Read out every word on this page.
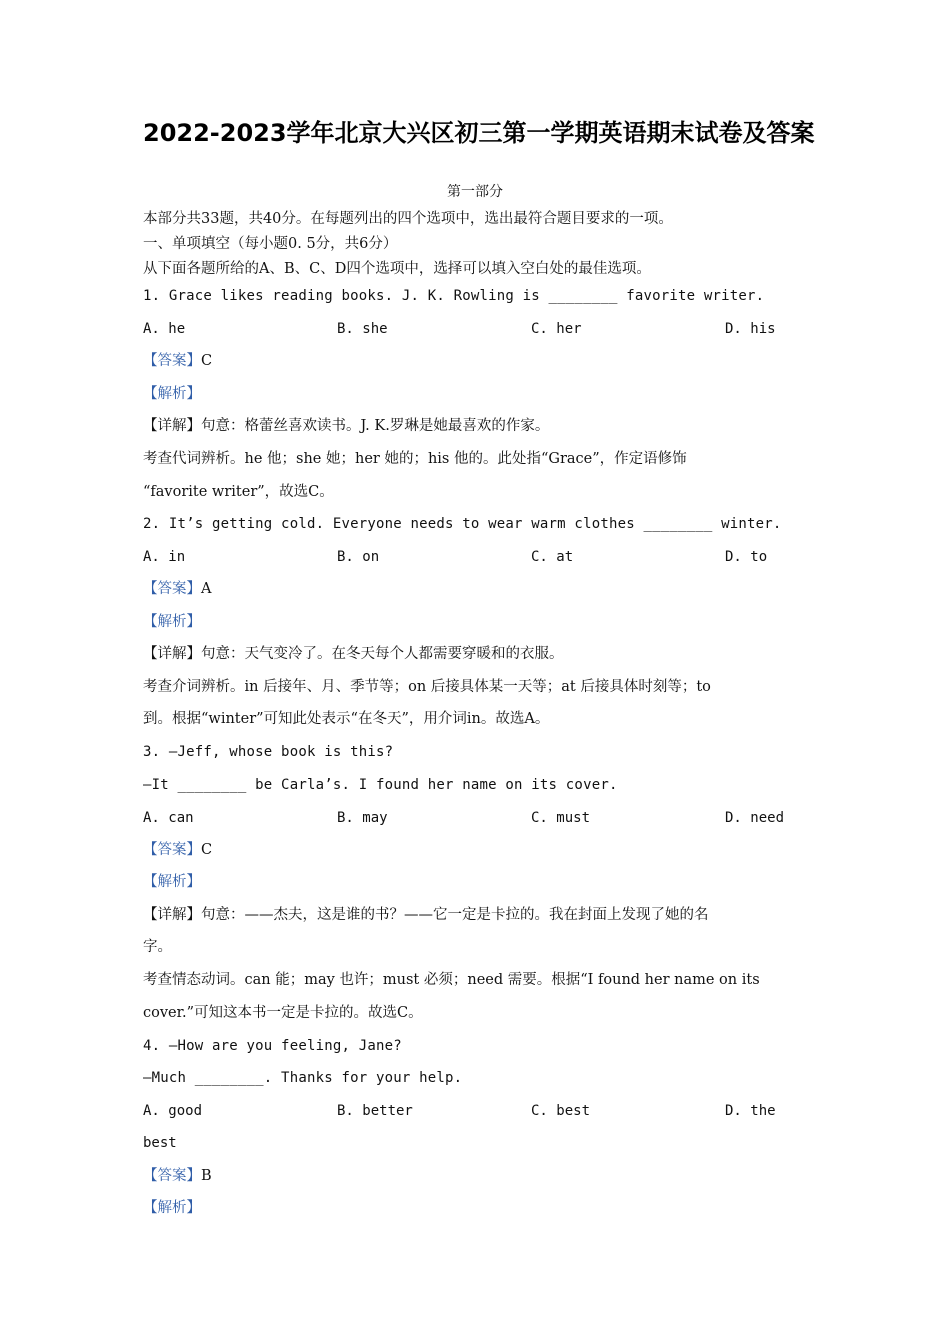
2022-2023学年北京大兴区初三第一学期英语期末试卷及答案
第一部分
本部分共33题，共40分。在每题列出的四个选项中，选出最符合题目要求的一项。
一、单项填空（每小题0. 5分，共6分）
从下面各题所给的A、B、C、D四个选项中，选择可以填入空白处的最佳选项。
1. Grace likes reading books. J. K. Rowling is ________ favorite writer.
A. he	B. she	C. her	D. his
【答案】C
【解析】
【详解】句意：格蕾丝喜欢读书。J. K.罗琳是她最喜欢的作家。
考查代词辨析。he 他；she 她；her 她的；his 他的。此处指“Grace”，作定语修饰
“favorite writer”，故选C。
2. It’s getting cold. Everyone needs to wear warm clothes ________ winter.
A. in	B. on	C. at	D. to
【答案】A
【解析】
【详解】句意：天气变冷了。在冬天每个人都需要穿暖和的衣服。
考查介词辨析。in 后接年、月、季节等；on 后接具体某一天等；at 后接具体时刻等；to
到。根据“winter”可知此处表示“在冬天”，用介词in。故选A。
3. —Jeff, whose book is this?
—It ________ be Carla’s. I found her name on its cover.
A. can	B. may	C. must	D. need
【答案】C
【解析】
【详解】句意：——杰夫，这是谁的书？——它一定是卡拉的。我在封面上发现了她的名
字。
考查情态动词。can 能；may 也许；must 必须；need 需要。根据“I found her name on its
cover.”可知这本书一定是卡拉的。故选C。
4. —How are you feeling, Jane?
—Much ________. Thanks for your help.
A. good	B. better	C. best	D. the
best
【答案】B
【解析】
